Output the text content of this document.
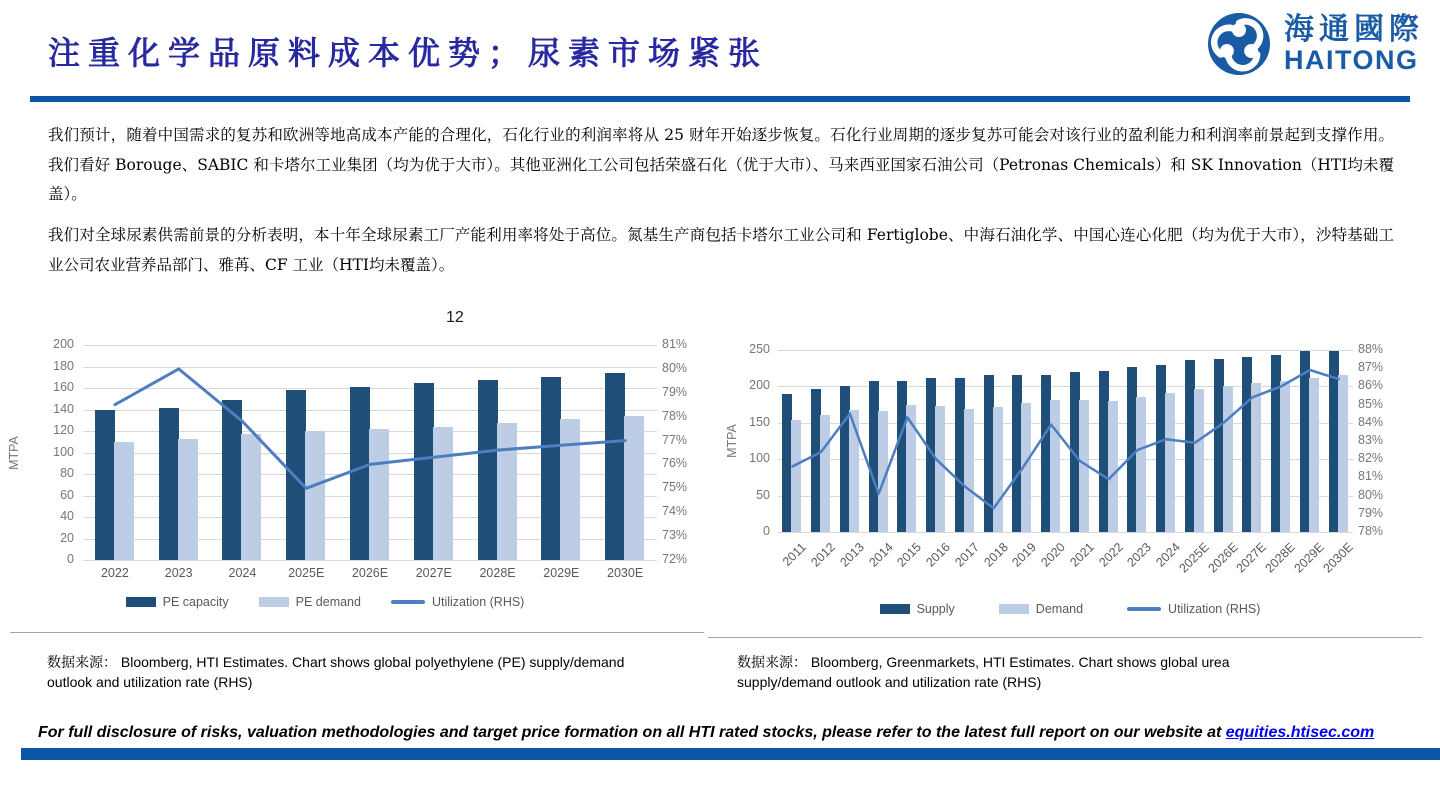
注重化学品原料成本优势；尿素市场紧张
海通國際
HAITONG
我们预计，随着中国需求的复苏和欧洲等地高成本产能的合理化，石化行业的利润率将从 25 财年开始逐步恢复。石化行业周期的逐步复苏可能会对该行业的盈利能力和利润率前景起到支撑作用。我们看好 Borouge、SABIC 和卡塔尔工业集团（均为优于大市）。其他亚洲化工公司包括荣盛石化（优于大市）、马来西亚国家石油公司（Petronas Chemicals）和 SK Innovation（HTI均未覆盖）。
我们对全球尿素供需前景的分析表明，本十年全球尿素工厂产能利用率将处于高位。氮基生产商包括卡塔尔工业公司和 Fertiglobe、中海石油化学、中国心连心化肥（均为优于大市），沙特基础工业公司农业营养品部门、雅苒、CF 工业（HTI均未覆盖）。
12
0
20
40
60
80
100
120
140
160
180
200
72%
73%
74%
75%
76%
77%
78%
79%
80%
81%
2022	2023	2024	2025E	2026E	2027E	2028E	2029E	2030E
MTPA
PE capacity	PE demand	Utilization (RHS)
0
50
100
150
200
250
78%
79%
80%
81%
82%
83%
84%
85%
86%
87%
88%
2011 2012 2013 2014 2015 2016 2017 2018 2019 2020 2021 2022 2023 2024
2025E
2026E
2027E
2028E
2029E
2030E
MTPA
Supply	Demand	Utilization (RHS)
数据来源： Bloomberg, HTI Estimates. Chart shows global polyethylene (PE) supply/demand outlook and utilization rate (RHS)
数据来源： Bloomberg, Greenmarkets, HTI Estimates. Chart shows global urea supply/demand outlook and utilization rate (RHS)
For full disclosure of risks, valuation methodologies and target price formation on all HTI rated stocks, please refer to the latest full report on our website at equities.htisec.com
